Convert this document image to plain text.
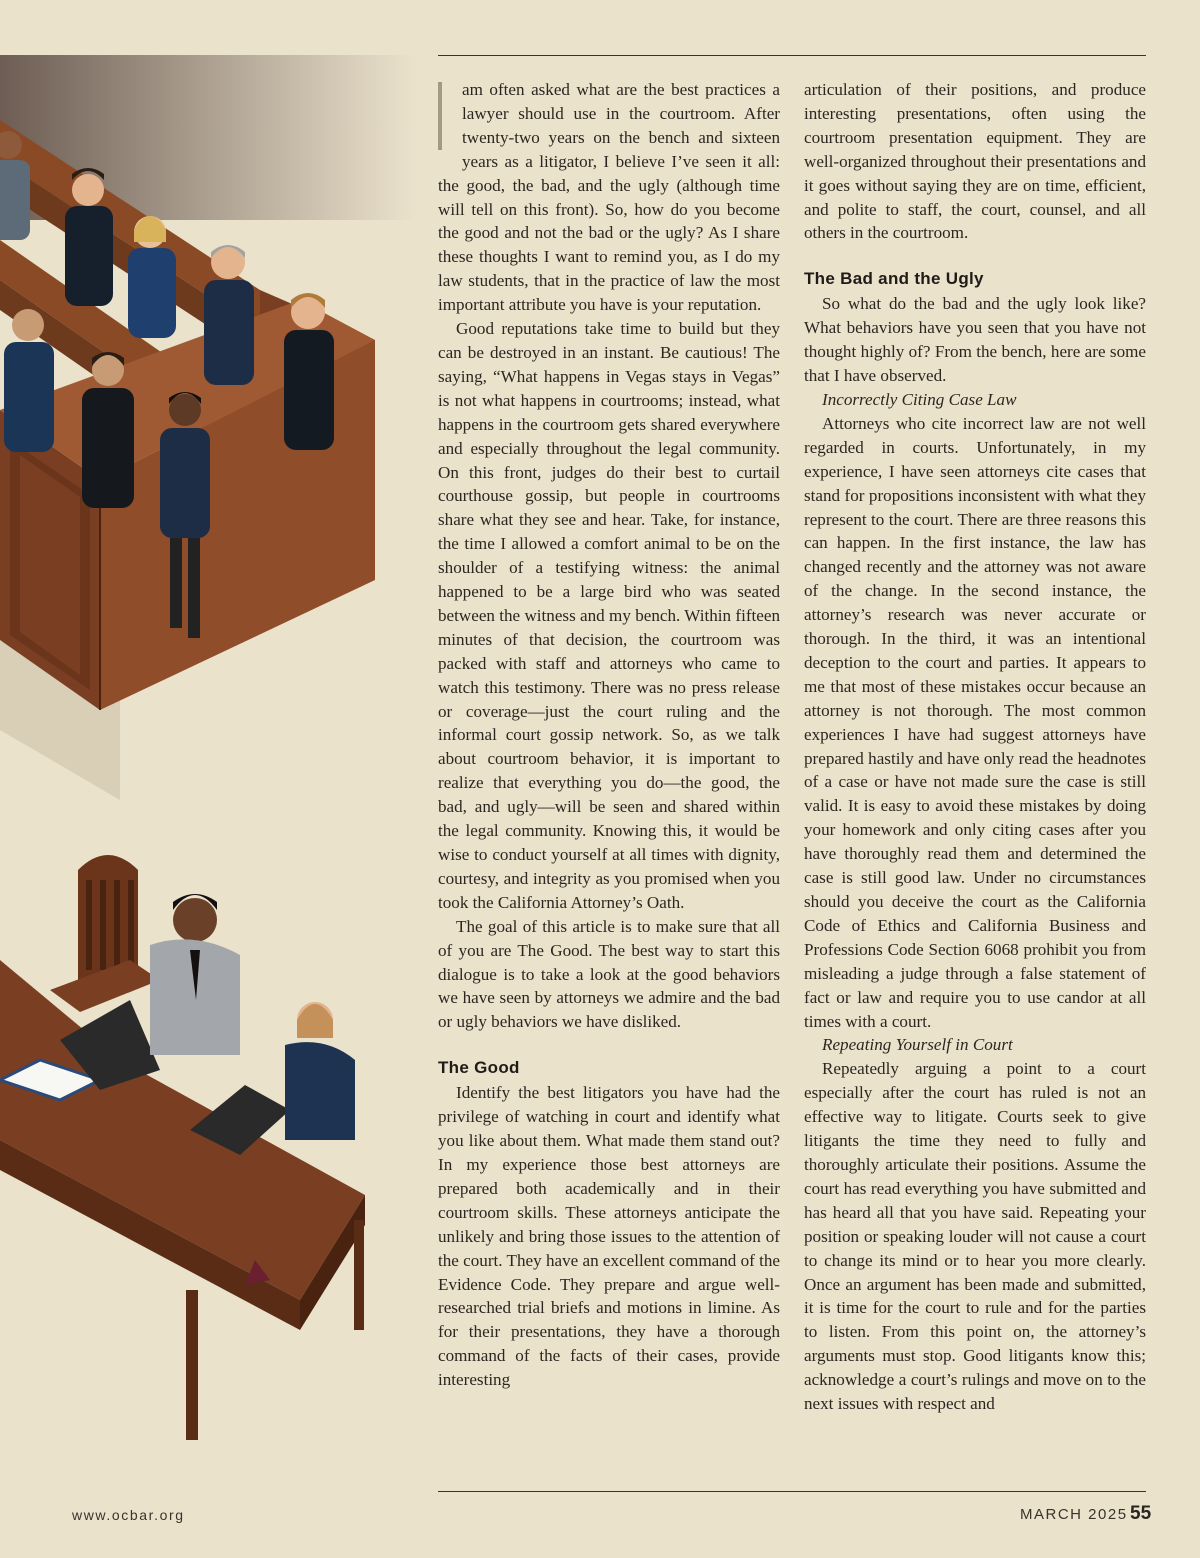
am often asked what are the best practices a lawyer should use in the courtroom. After twenty-two years on the bench and sixteen years as a litigator, I believe I’ve seen it all: the good, the bad, and the ugly (although time will tell on this front). So, how do you become the good and not the bad or the ugly? As I share these thoughts I want to remind you, as I do my law students, that in the practice of law the most important attribute you have is your reputation.

Good reputations take time to build but they can be destroyed in an instant. Be cautious! The saying, “What happens in Vegas stays in Vegas” is not what happens in courtrooms; instead, what happens in the courtroom gets shared everywhere and especially throughout the legal community. On this front, judges do their best to curtail courthouse gossip, but people in courtrooms share what they see and hear. Take, for instance, the time I allowed a comfort animal to be on the shoulder of a testifying witness: the animal happened to be a large bird who was seated between the witness and my bench. Within fifteen minutes of that decision, the courtroom was packed with staff and attorneys who came to watch this testimony. There was no press release or coverage—just the court ruling and the informal court gossip network. So, as we talk about courtroom behavior, it is important to realize that everything you do—the good, the bad, and ugly—will be seen and shared within the legal community. Knowing this, it would be wise to conduct yourself at all times with dignity, courtesy, and integrity as you promised when you took the California Attorney’s Oath.

The goal of this article is to make sure that all of you are The Good. The best way to start this dialogue is to take a look at the good behaviors we have seen by attorneys we admire and the bad or ugly behaviors we have disliked.

The Good

Identify the best litigators you have had the privilege of watching in court and identify what you like about them. What made them stand out? In my experience those best attorneys are prepared both academically and in their courtroom skills. These attorneys anticipate the unlikely and bring those issues to the attention of the court. They have an excellent command of the Evidence Code. They prepare and argue well-researched trial briefs and motions in limine. As for their presentations, they have a thorough command of the facts of their cases, provide interesting

articulation of their positions, and produce interesting presentations, often using the courtroom presentation equipment. They are well-organized throughout their presentations and it goes without saying they are on time, efficient, and polite to staff, the court, counsel, and all others in the courtroom.

The Bad and the Ugly

So what do the bad and the ugly look like? What behaviors have you seen that you have not thought highly of? From the bench, here are some that I have observed.

Incorrectly Citing Case Law

Attorneys who cite incorrect law are not well regarded in courts. Unfortunately, in my experience, I have seen attorneys cite cases that stand for propositions inconsistent with what they represent to the court. There are three reasons this can happen. In the first instance, the law has changed recently and the attorney was not aware of the change. In the second instance, the attorney’s research was never accurate or thorough. In the third, it was an intentional deception to the court and parties. It appears to me that most of these mistakes occur because an attorney is not thorough. The most common experiences I have had suggest attorneys have prepared hastily and have only read the headnotes of a case or have not made sure the case is still valid. It is easy to avoid these mistakes by doing your homework and only citing cases after you have thoroughly read them and determined the case is still good law. Under no circumstances should you deceive the court as the California Code of Ethics and California Business and Professions Code Section 6068 prohibit you from misleading a judge through a false statement of fact or law and require you to use candor at all times with a court.

Repeating Yourself in Court

Repeatedly arguing a point to a court especially after the court has ruled is not an effective way to litigate. Courts seek to give litigants the time they need to fully and thoroughly articulate their positions. Assume the court has read everything you have submitted and has heard all that you have said. Repeating your position or speaking louder will not cause a court to change its mind or to hear you more clearly. Once an argument has been made and submitted, it is time for the court to rule and for the parties to listen. From this point on, the attorney’s arguments must stop. Good litigants know this; acknowledge a court’s rulings and move on to the next issues with respect and

www.ocbar.org	MARCH 2025 55
